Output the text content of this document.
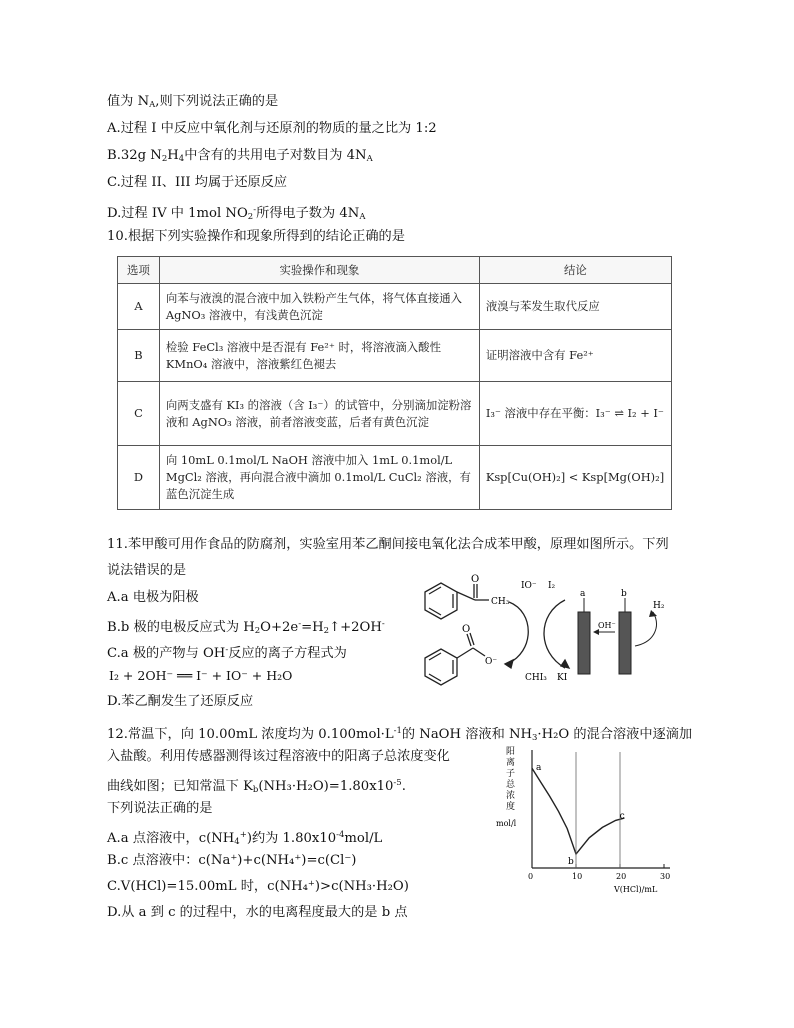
值为 $N_A$,则下列说法正确的是
A.过程 I 中反应中氧化剂与还原剂的物质的量之比为 1:2
B.32g $N_2H_4$中含有的共用电子对数目为 $4N_A$
C.过程 II、III 均属于还原反应
D.过程 IV 中 1mol $NO_2^-$所得电子数为 $4N_A$
10.根据下列实验操作和现象所得到的结论正确的是
选项	实验操作和现象	结论
A	向苯与液溴的混合液中加入铁粉产生气体，将气体直接通入 AgNO₃ 溶液中，有浅黄色沉淀	液溴与苯发生取代反应
B	检验 FeCl₃ 溶液中是否混有 Fe²⁺ 时，将溶液滴入酸性 KMnO₄ 溶液中，溶液紫红色褪去	证明溶液中含有 Fe²⁺
C	向两支盛有 KI₃ 的溶液（含 I₃⁻）的试管中，分别滴加淀粉溶液和 AgNO₃ 溶液，前者溶液变蓝，后者有黄色沉淀	I₃⁻ 溶液中存在平衡：I₃⁻ ⇌ I₂ + I⁻
D	向 10mL 0.1mol/L NaOH 溶液中加入 1mL 0.1mol/L MgCl₂ 溶液，再向混合液中滴加 0.1mol/L CuCl₂ 溶液，有蓝色沉淀生成	Ksp[Cu(OH)₂] < Ksp[Mg(OH)₂]
11.苯甲酸可用作食品的防腐剂，实验室用苯乙酮间接电氧化法合成苯甲酸，原理如图所示。下列
说法错误的是
A.a 电极为阳极
B.b 极的电极反应式为 $H_2O+2e^-=H_2↑+2OH^-$
C.a 极的产物与 OH-反应的离子方程式为
I₂ + 2OH⁻ ══ I⁻ + IO⁻ + H₂O
D.苯乙酮发生了还原反应
O
CH₃
O
O⁻
IO⁻ I₂
CHI₃ KI
a	b
OH⁻
H₂
12.常温下，向 10.00mL 浓度均为 $0.100mol\cdot L^{-1}$的 NaOH 溶液和 $NH_3\cdot H_2O$ 的混合溶液中逐滴加
入盐酸。利用传感器测得该过程溶液中的阳离子总浓度变化
曲线如图；已知常温下 $K_b(NH_3\cdot H_2O)=1.80x10^{-5}$.
下列说法正确的是
A.a 点溶液中，$c(NH_4^+)$约为 $1.80x10^{-4}mol/L$
B.c 点溶液中：c(Na⁺)+c(NH₄⁺)=c(Cl⁻)
C.V(HCl)=15.00mL 时，c(NH₄⁺)>c(NH₃·H₂O)
D.从 a 到 c 的过程中，水的电离程度最大的是 b 点
阳
离
子
总
浓
度
mol/l
0	10	20	30
a
b
c
V(HCl)/mL
